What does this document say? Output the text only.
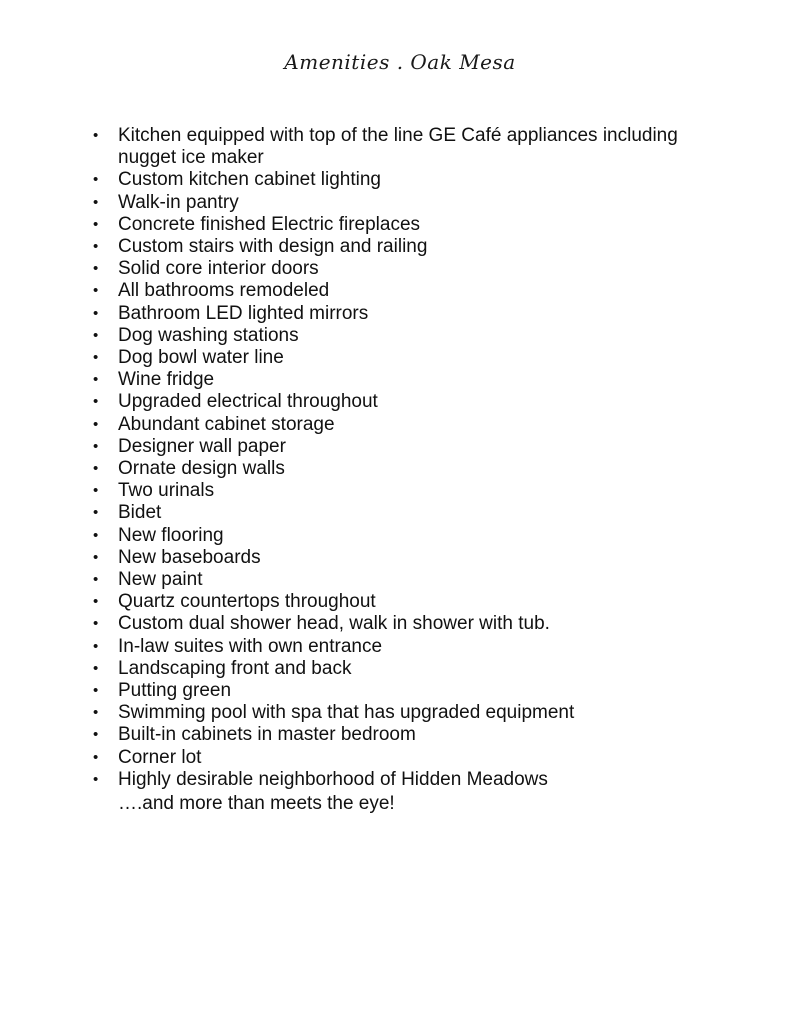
Amenities . Oak Mesa
• Kitchen equipped with top of the line GE Café appliances including nugget ice maker
• Custom kitchen cabinet lighting
• Walk-in pantry
• Concrete finished Electric fireplaces
• Custom stairs with design and railing
• Solid core interior doors
• All bathrooms remodeled
• Bathroom LED lighted mirrors
• Dog washing stations
• Dog bowl water line
• Wine fridge
• Upgraded electrical throughout
• Abundant cabinet storage
• Designer wall paper
• Ornate design walls
• Two urinals
• Bidet
• New flooring
• New baseboards
• New paint
• Quartz countertops throughout
• Custom dual shower head, walk in shower with tub.
• In-law suites with own entrance
• Landscaping front and back
• Putting green
• Swimming pool with spa that has upgraded equipment
• Built-in cabinets in master bedroom
• Corner lot
• Highly desirable neighborhood of Hidden Meadows
….and more than meets the eye!
